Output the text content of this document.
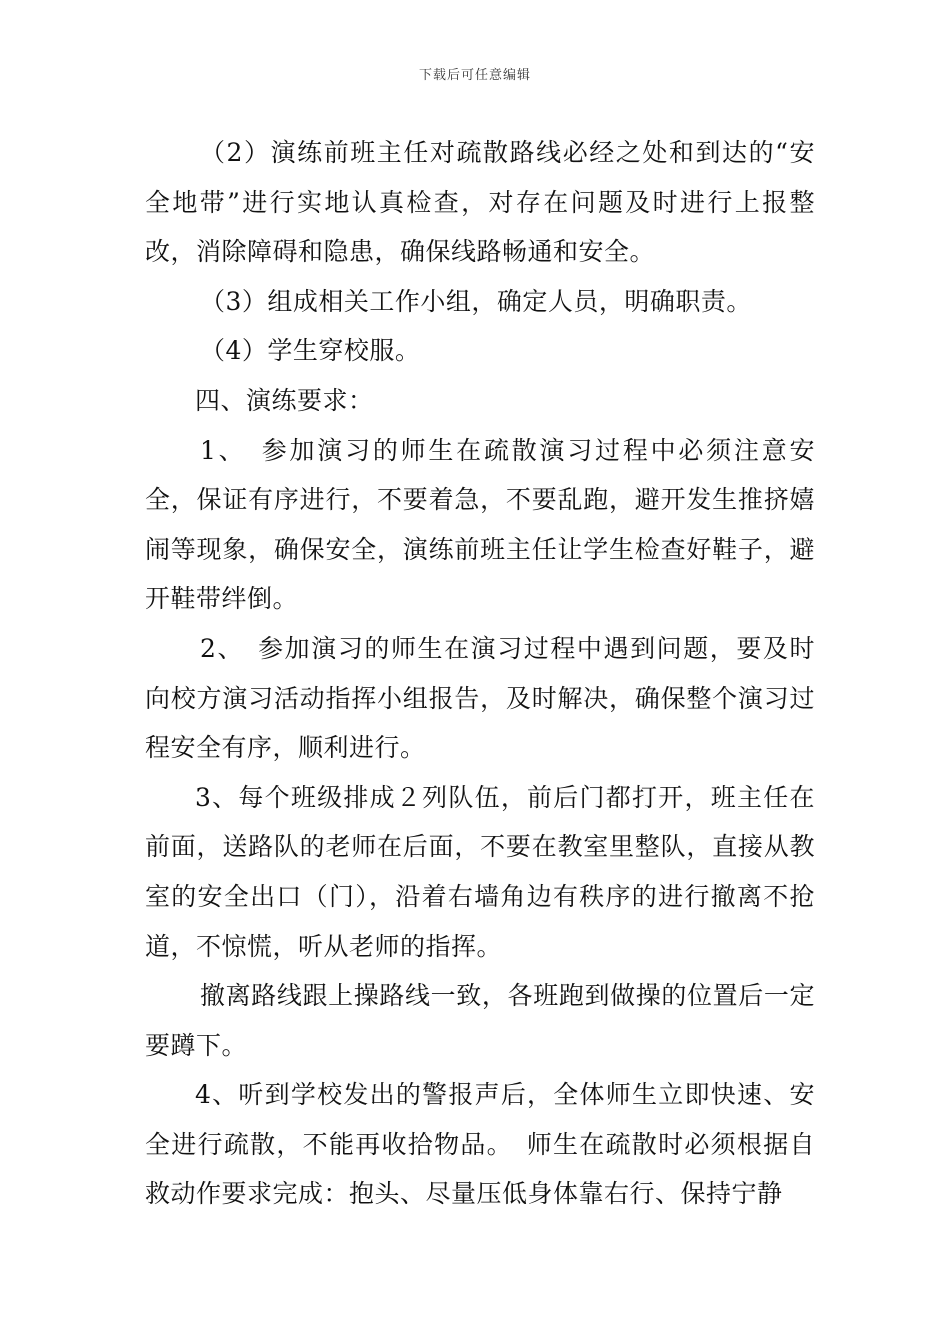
下载后可任意编辑

（2）演练前班主任对疏散路线必经之处和到达的“安全地带”进行实地认真检查，对存在问题及时进行上报整改，消除障碍和隐患，确保线路畅通和安全。

（3）组成相关工作小组，确定人员，明确职责。

（4）学生穿校服。

四、演练要求：

1、　参加演习的师生在疏散演习过程中必须注意安全，保证有序进行，不要着急，不要乱跑，避开发生推挤嬉闹等现象，确保安全，演练前班主任让学生检查好鞋子，避开鞋带绊倒。

2、　参加演习的师生在演习过程中遇到问题，要及时向校方演习活动指挥小组报告，及时解决，确保整个演习过程安全有序，顺利进行。

3、每个班级排成２列队伍，前后门都打开，班主任在前面，送路队的老师在后面，不要在教室里整队，直接从教室的安全出口（门），沿着右墙角边有秩序的进行撤离不抢道，不惊慌，听从老师的指挥。

撤离路线跟上操路线一致，各班跑到做操的位置后一定要蹲下。

4、听到学校发出的警报声后，全体师生立即快速、安全进行疏散，不能再收拾物品。　师生在疏散时必须根据自救动作要求完成：抱头、尽量压低身体靠右行、保持宁静
